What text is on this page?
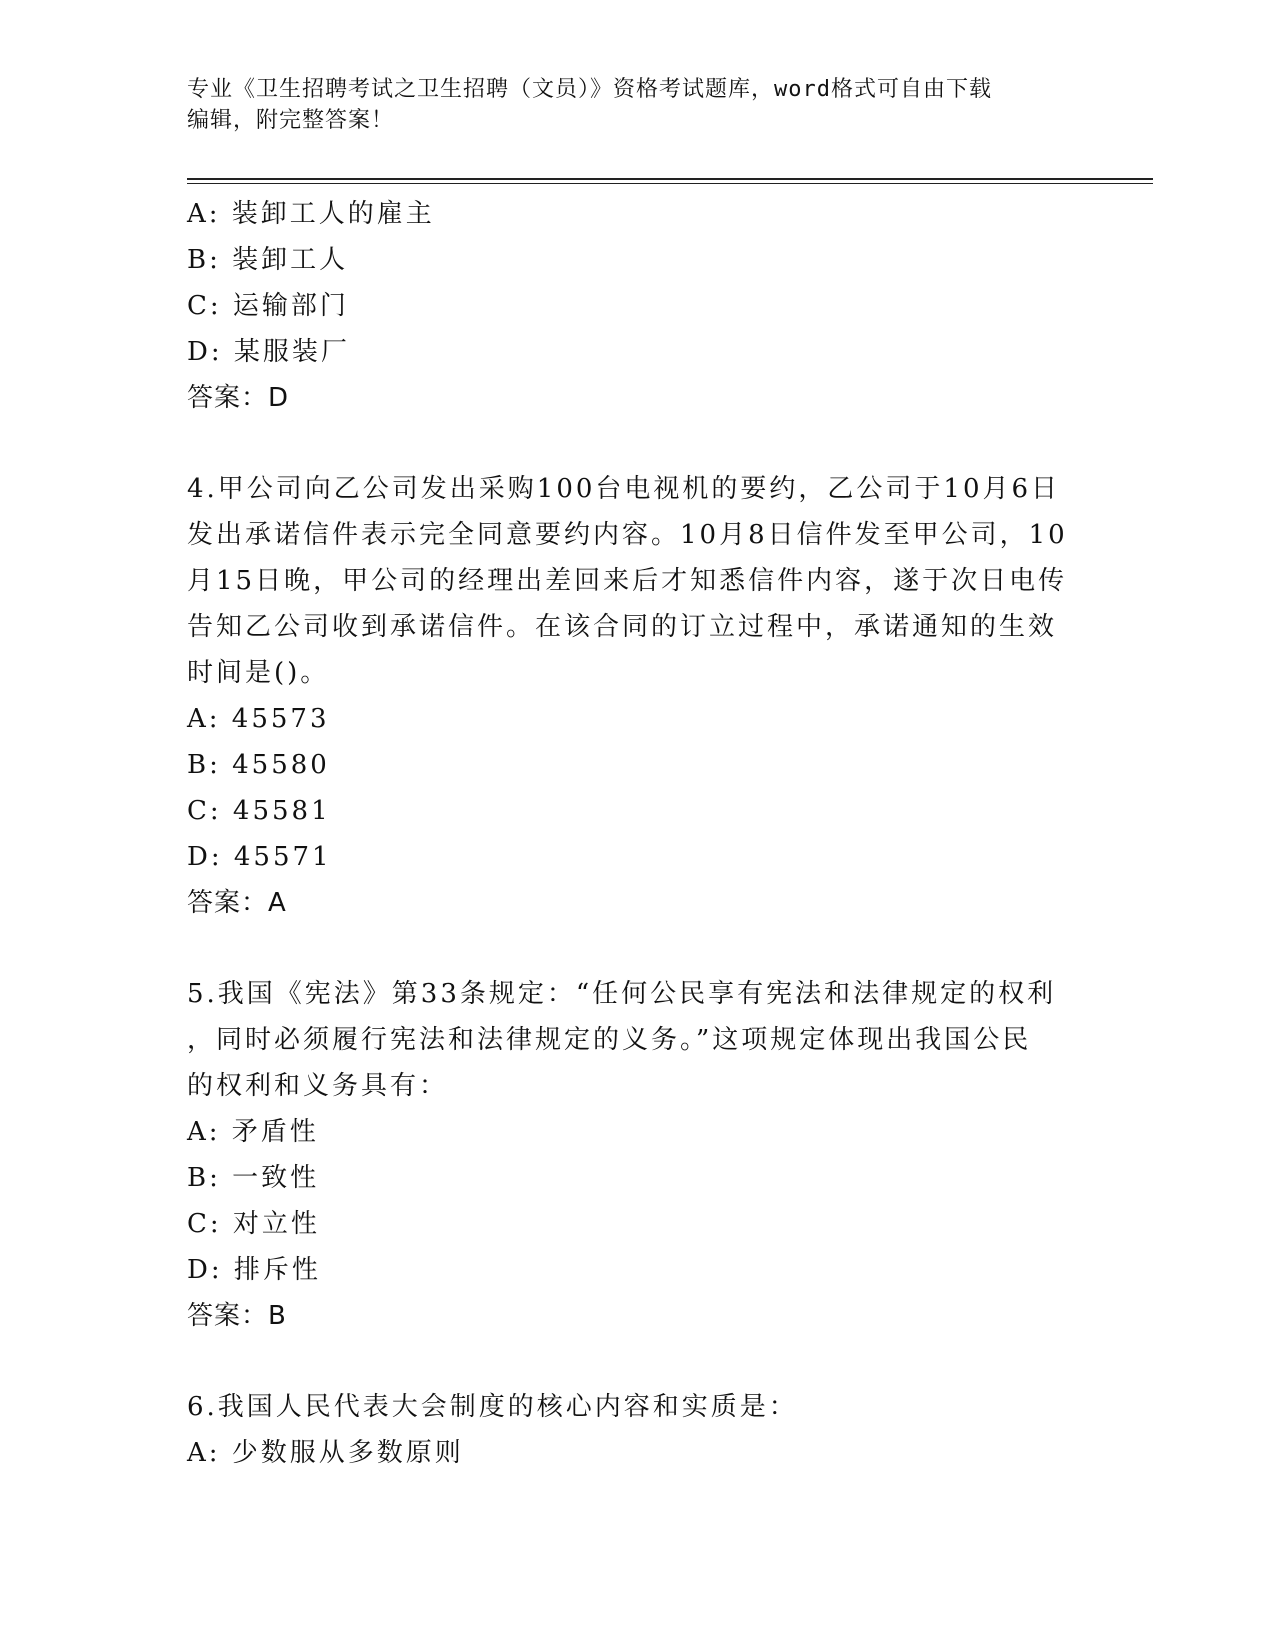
专业《卫生招聘考试之卫生招聘（文员）》资格考试题库，word格式可自由下载
编辑，附完整答案！
A: 装卸工人的雇主
B: 装卸工人
C: 运输部门
D: 某服装厂
答案：D
4.甲公司向乙公司发出采购100台电视机的要约，乙公司于10月6日
发出承诺信件表示完全同意要约内容。10月8日信件发至甲公司，10
月15日晚，甲公司的经理出差回来后才知悉信件内容，遂于次日电传
告知乙公司收到承诺信件。在该合同的订立过程中，承诺通知的生效
时间是()。
A: 45573
B: 45580
C: 45581
D: 45571
答案：A
5.我国《宪法》第33条规定：“任何公民享有宪法和法律规定的权利
，同时必须履行宪法和法律规定的义务。”这项规定体现出我国公民
的权利和义务具有：
A: 矛盾性
B: 一致性
C: 对立性
D: 排斥性
答案：B
6.我国人民代表大会制度的核心内容和实质是：
A: 少数服从多数原则
